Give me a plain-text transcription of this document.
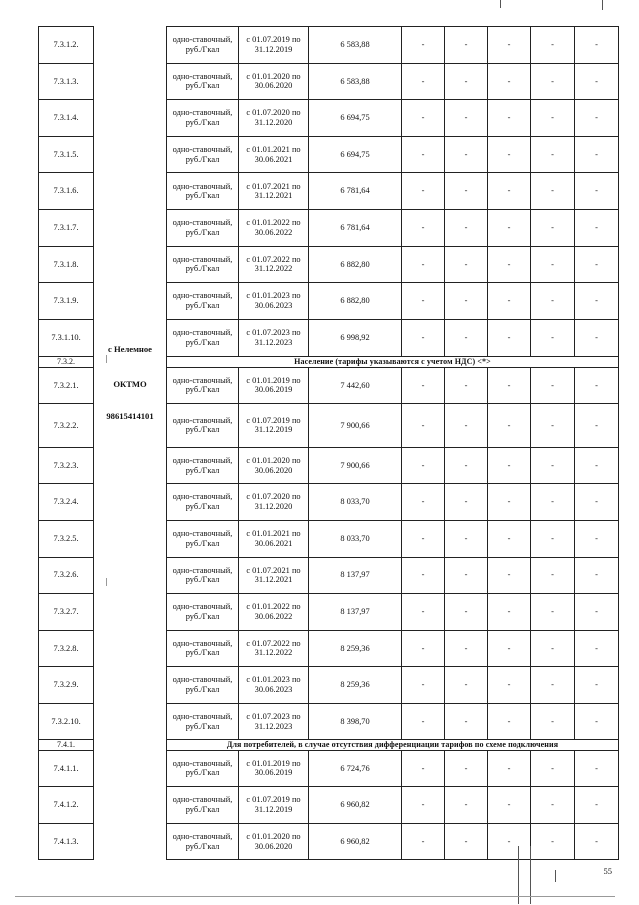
7.3.1.2.		одно-ставочный, руб./Гкал	с 01.07.2019 по 31.12.2019	6 583,88	-	-	-	-	-
7.3.1.3.		одно-ставочный, руб./Гкал	с 01.01.2020 по 30.06.2020	6 583,88	-	-	-	-	-
7.3.1.4.		одно-ставочный, руб./Гкал	с 01.07.2020 по 31.12.2020	6 694,75	-	-	-	-	-
7.3.1.5.		одно-ставочный, руб./Гкал	с 01.01.2021 по 30.06.2021	6 694,75	-	-	-	-	-
7.3.1.6.		одно-ставочный, руб./Гкал	с 01.07.2021 по 31.12.2021	6 781,64	-	-	-	-	-
7.3.1.7.		одно-ставочный, руб./Гкал	с 01.01.2022 по 30.06.2022	6 781,64	-	-	-	-	-
7.3.1.8.		одно-ставочный, руб./Гкал	с 01.07.2022 по 31.12.2022	6 882,80	-	-	-	-	-
7.3.1.9.		одно-ставочный, руб./Гкал	с 01.01.2023 по 30.06.2023	6 882,80	-	-	-	-	-
7.3.1.10.	с Нелемное	одно-ставочный, руб./Гкал	с 01.07.2023 по 31.12.2023	6 998,92	-	-	-	-	-
7.3.2.		Население (тарифы указываются с учетом НДС) <*>							
7.3.2.1.	ОКТМО	одно-ставочный, руб./Гкал	с 01.01.2019 по 30.06.2019	7 442,60	-	-	-	-	-
7.3.2.2.	98615414101	одно-ставочный, руб./Гкал	с 01.07.2019 по 31.12.2019	7 900,66	-	-	-	-	-
7.3.2.3.		одно-ставочный, руб./Гкал	с 01.01.2020 по 30.06.2020	7 900,66	-	-	-	-	-
7.3.2.4.		одно-ставочный, руб./Гкал	с 01.07.2020 по 31.12.2020	8 033,70	-	-	-	-	-
7.3.2.5.		одно-ставочный, руб./Гкал	с 01.01.2021 по 30.06.2021	8 033,70	-	-	-	-	-
7.3.2.6.		одно-ставочный, руб./Гкал	с 01.07.2021 по 31.12.2021	8 137,97	-	-	-	-	-
7.3.2.7.		одно-ставочный, руб./Гкал	с 01.01.2022 по 30.06.2022	8 137,97	-	-	-	-	-
7.3.2.8.		одно-ставочный, руб./Гкал	с 01.07.2022 по 31.12.2022	8 259,36	-	-	-	-	-
7.3.2.9.		одно-ставочный, руб./Гкал	с 01.01.2023 по 30.06.2023	8 259,36	-	-	-	-	-
7.3.2.10.		одно-ставочный, руб./Гкал	с 01.07.2023 по 31.12.2023	8 398,70	-	-	-	-	-
7.4.1.		Для потребителей, в случае отсутствия дифференциации тарифов по схеме подключения							
7.4.1.1.		одно-ставочный, руб./Гкал	с 01.01.2019 по 30.06.2019	6 724,76	-	-	-	-	-
7.4.1.2.		одно-ставочный, руб./Гкал	с 01.07.2019 по 31.12.2019	6 960,82	-	-	-	-	-
7.4.1.3.		одно-ставочный, руб./Гкал	с 01.01.2020 по 30.06.2020	6 960,82	-	-	-	-	-
55
